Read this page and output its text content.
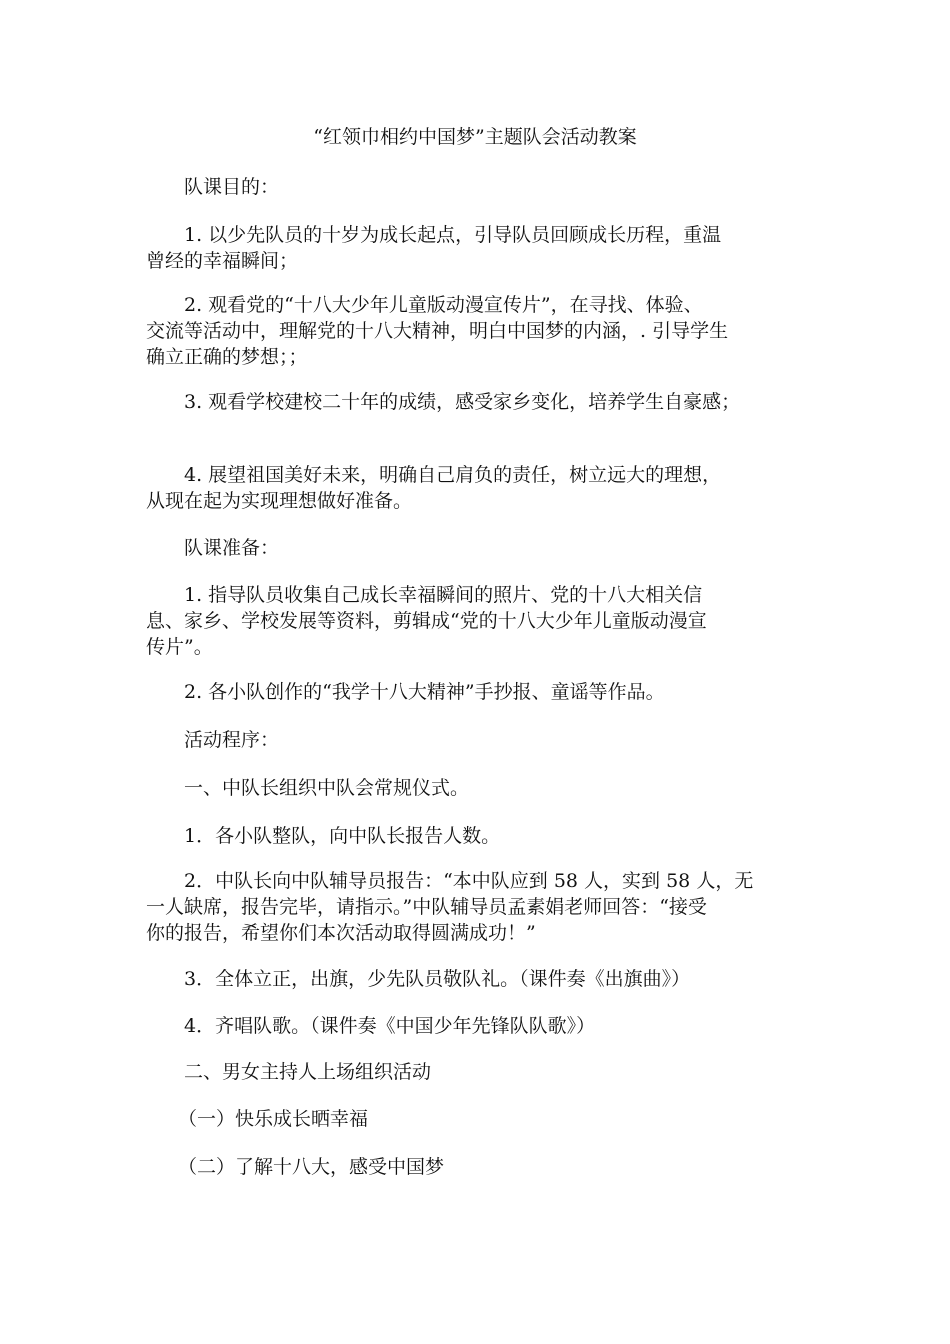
“红领巾相约中国梦”主题队会活动教案
队课目的：
1. 以少先队员的十岁为成长起点，引导队员回顾成长历程，重温
曾经的幸福瞬间；
2. 观看党的“十八大少年儿童版动漫宣传片”，在寻找、体验、
交流等活动中，理解党的十八大精神，明白中国梦的内涵，. 引导学生
确立正确的梦想；；
3. 观看学校建校二十年的成绩，感受家乡变化，培养学生自豪感；
4. 展望祖国美好未来，明确自己肩负的责任，树立远大的理想，
从现在起为实现理想做好准备。
队课准备：
1. 指导队员收集自己成长幸福瞬间的照片、党的十八大相关信
息、家乡、学校发展等资料，剪辑成“党的十八大少年儿童版动漫宣
传片”。
2. 各小队创作的“我学十八大精神”手抄报、童谣等作品。
活动程序：
一、中队长组织中队会常规仪式。
1．各小队整队，向中队长报告人数。
2．中队长向中队辅导员报告：“本中队应到 58 人，实到 58 人，无
一人缺席，报告完毕，请指示。”中队辅导员孟素娟老师回答：“接受
你的报告，希望你们本次活动取得圆满成功！”
3．全体立正，出旗，少先队员敬队礼。（课件奏《出旗曲》）
4．齐唱队歌。（课件奏《中国少年先锋队队歌》）
二、男女主持人上场组织活动
（一）快乐成长晒幸福
（二）了解十八大，感受中国梦
